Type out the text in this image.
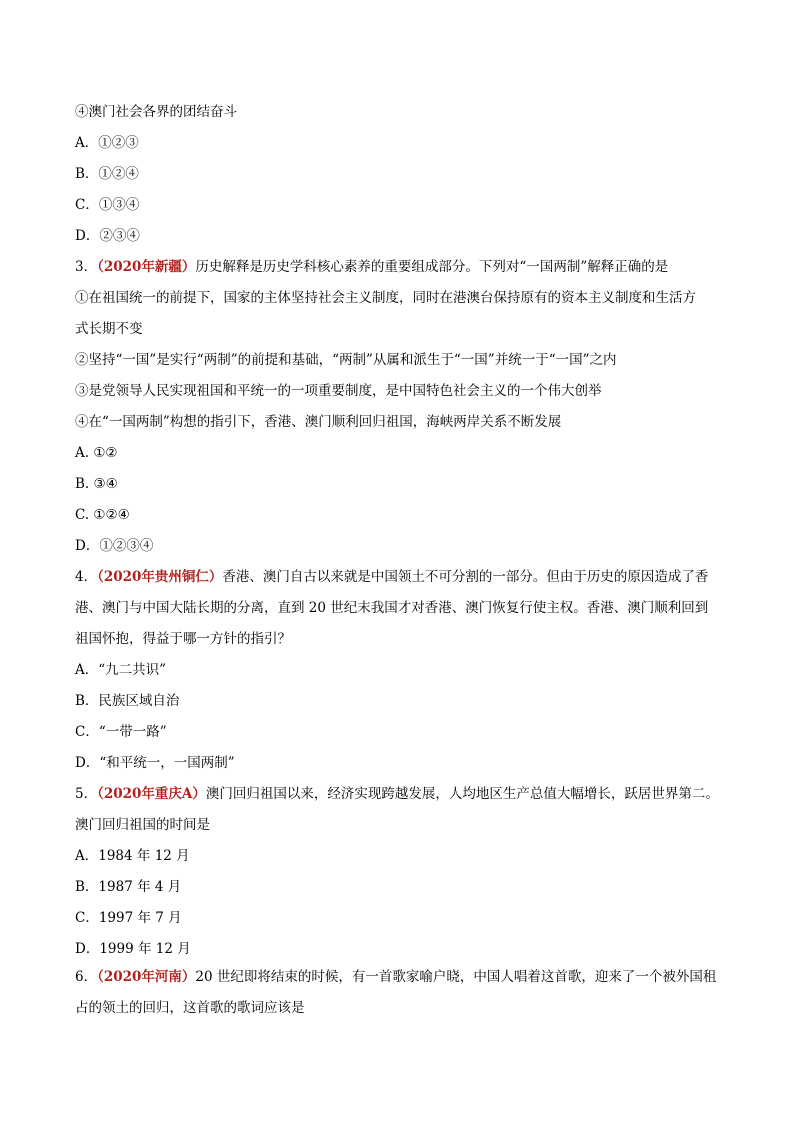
④澳门社会各界的团结奋斗
A．①②③
B．①②④
C．①③④
D．②③④
3．（2020年新疆）历史解释是历史学科核心素养的重要组成部分。下列对“一国两制”解释正确的是
①在祖国统一的前提下，国家的主体坚持社会主义制度，同时在港澳台保持原有的资本主义制度和生活方
式长期不变
②坚持“一国”是实行“两制”的前提和基础，“两制”从属和派生于“一国”并统一于“一国”之内
③是党领导人民实现祖国和平统一的一项重要制度，是中国特色社会主义的一个伟大创举
④在“一国两制”构想的指引下，香港、澳门顺利回归祖国，海峡两岸关系不断发展
A. ①②
B. ③④
C. ①②④
D．①②③④
4．（2020年贵州铜仁）香港、澳门自古以来就是中国领土不可分割的一部分。但由于历史的原因造成了香
港、澳门与中国大陆长期的分离，直到 20 世纪末我国才对香港、澳门恢复行使主权。香港、澳门顺利回到
祖国怀抱，得益于哪一方针的指引？
A．“九二共识”
B．民族区域自治
C．“一带一路”
D．“和平统一，一国两制”
5．（2020年重庆A）澳门回归祖国以来，经济实现跨越发展，人均地区生产总值大幅增长，跃居世界第二。
澳门回归祖国的时间是
A．1984 年 12 月
B．1987 年 4 月
C．1997 年 7 月
D．1999 年 12 月
6．（2020年河南）20 世纪即将结束的时候，有一首歌家喻户晓，中国人唱着这首歌，迎来了一个被外国租
占的领土的回归，这首歌的歌词应该是
